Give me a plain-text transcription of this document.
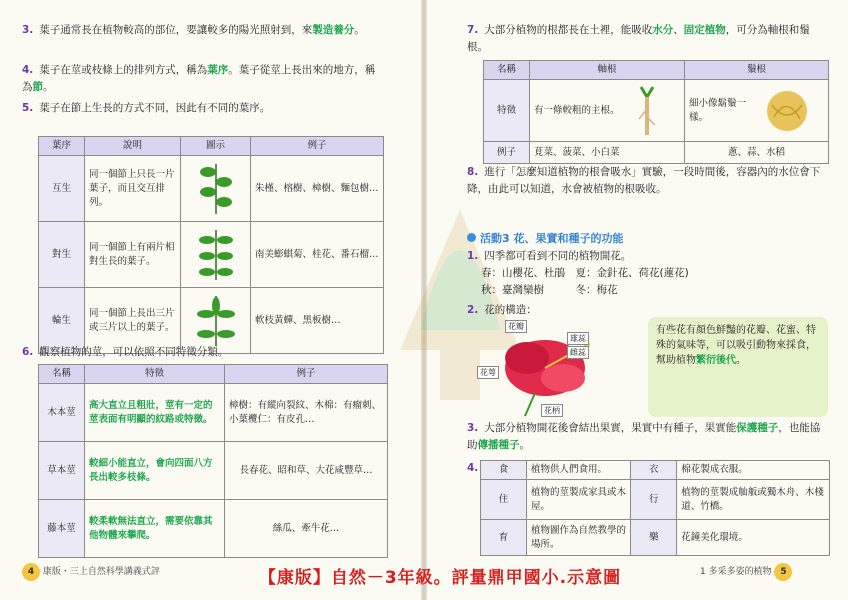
3. 葉子通常長在植物較高的部位，要讓較多的陽光照射到，來製造養分。
4. 葉子在莖或枝條上的排列方式，稱為葉序。葉子從莖上長出來的地方，稱為節。
5. 葉子在節上生長的方式不同，因此有不同的葉序。
葉序	說明	圖示	例子
互生	同一個節上只長一片葉子，而且交互排列。		朱槿、榕樹、樟樹、麵包樹…
對生	同一個節上有兩片相對生長的葉子。		南美蟛蜞菊、桂花、番石榴…
輪生	同一個節上長出三片或三片以上的葉子。		軟枝黃蟬、黑板樹…
6. 觀察植物的莖，可以依照不同特徵分類。
名稱	特徵	例子
木本莖	高大直立且粗壯，莖有一定的莖表面有明顯的紋路或特徵。	樟樹：有縱向裂紋、木棉：有瘤刺、小葉欖仁：有皮孔…
草本莖	較細小能直立，會向四面八方長出較多枝條。	長春花、昭和草、大花咸豐草…
藤本莖	較柔軟無法直立，需要依靠其他物體來攀爬。	絲瓜、牽牛花…
4 康版・三上自然科學講義式評
7. 大部分植物的根都長在土裡，能吸收水分、固定植物，可分為軸根和鬚根。
名稱	軸根	鬚根
特徵	有一條較粗的主根。	細小像鬍鬚一樣。
例子	莧菜、菠菜、小白菜	蔥、蒜、水稻
8. 進行「怎麼知道植物的根會吸水」實驗，一段時間後，容器內的水位會下降，由此可以知道，水會被植物的根吸收。
活動3 花、果實和種子的功能
1. 四季都可看到不同的植物開花。
春：山櫻花、杜鵑　夏：金針花、荷花(蓮花)
秋：臺灣欒樹　　　冬：梅花
2. 花的構造：
花瓣
雄蕊
雌蕊
花萼
花柄
有些花有顏色鮮豔的花瓣、花蜜、特殊的氣味等，可以吸引動物來採食，幫助植物繁衍後代。
3. 大部分植物開花後會結出果實，果實中有種子，果實能保護種子，也能協助傳播種子。
4.	食	植物供人們食用。	衣	棉花製成衣服。
住	植物的莖製成家具或木屋。	行	植物的莖製成舢舨或獨木舟、木棧道、竹橋。
育	植物圖作為自然教學的場所。	樂	花鐘美化環境。
1 多采多姿的植物 5
【康版】自然－3年級。評量鼎甲國小.示意圖
